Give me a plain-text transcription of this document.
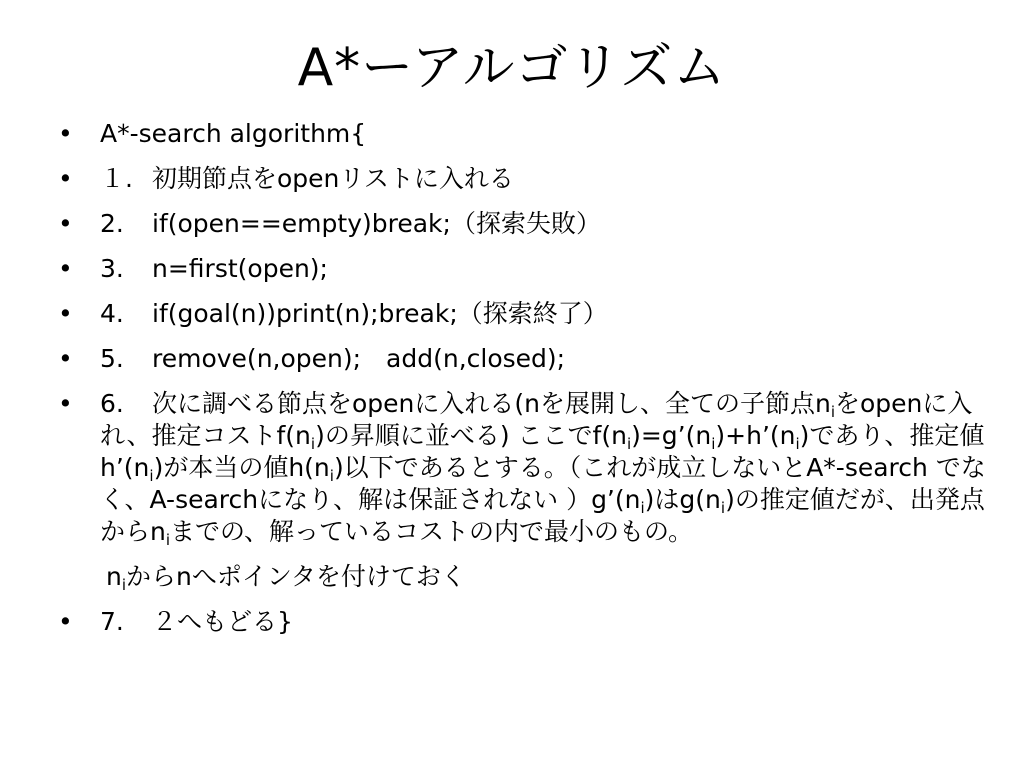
A*ーアルゴリズム
• A*-search algorithm{
• １. 初期節点をopenリストに入れる
• 2. if(open==empty)break;（探索失敗）
• 3. n=first(open);
• 4. if(goal(n))print(n);break;（探索終了）
• 5. remove(n,open);  add(n,closed);
• 6. 次に調べる節点をopenに入れる(nを展開し、全ての子節点$n_i$をopenに入れ、推定コスト$f(n_i)$の昇順に並べる) ここで$f(n_i)=g’(n_i)+h’(n_i)$であり、推定値$h’(n_i)$が本当の値$h(n_i)$以下であるとする。（これが成立しないとA*-search でなく、A-searchになり、解は保証されない ）$g’(n_i)$は$g(n_i)$の推定値だが、出発点から$n_i$までの、解っているコストの内で最小のもの。
$n_i$からnへポインタを付けておく
• 7. ２へもどる}
